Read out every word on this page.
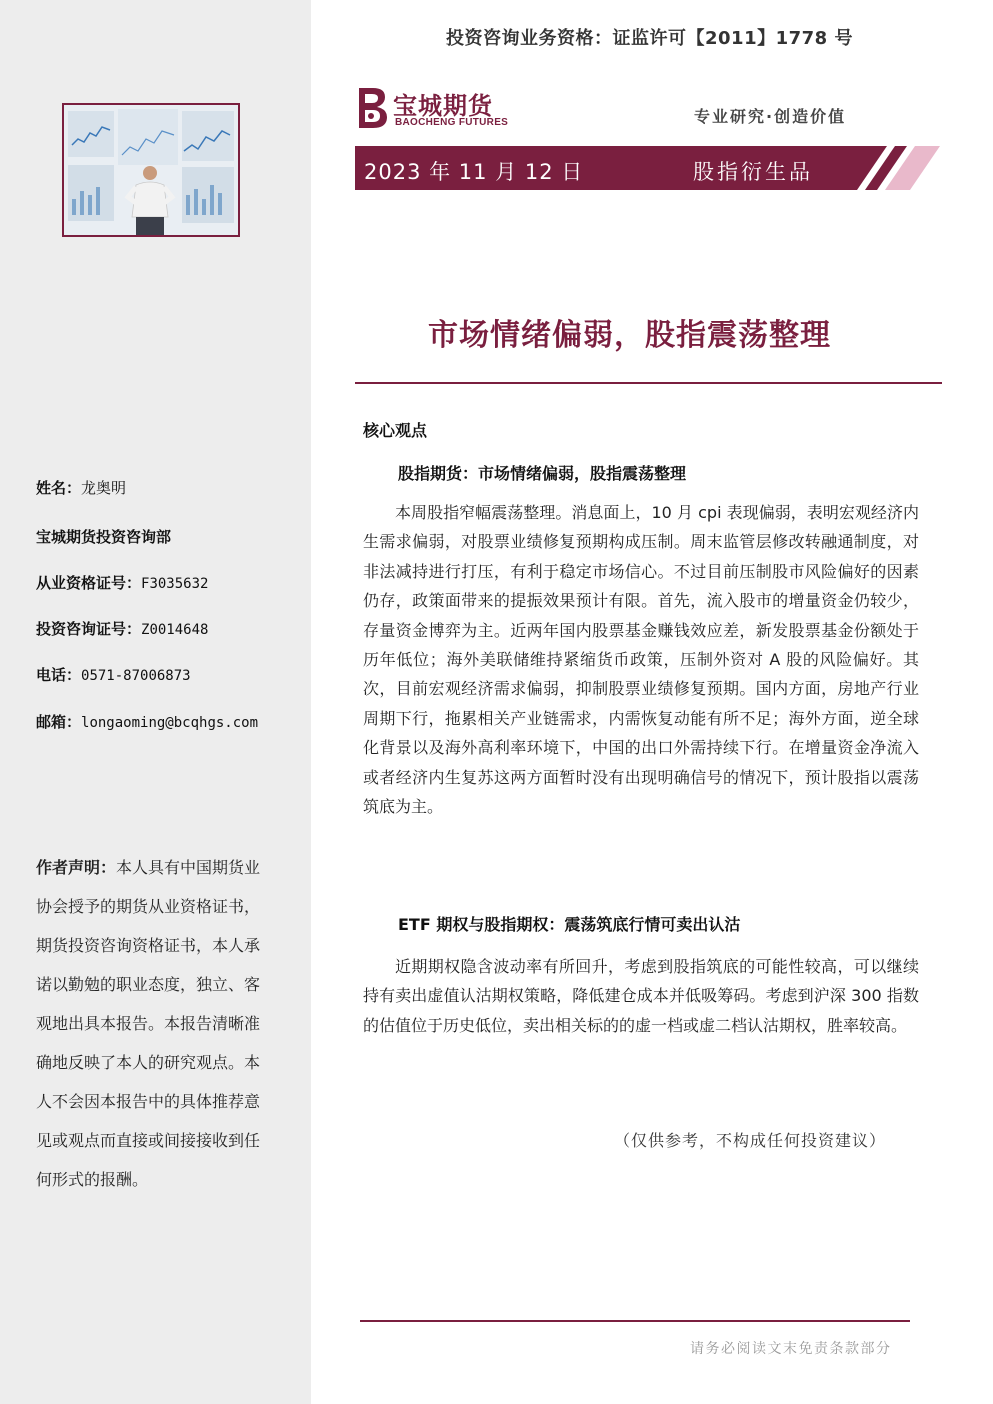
姓名：龙奥明
宝城期货投资咨询部
从业资格证号：F3035632
投资咨询证号：Z0014648
电话：0571-87006873
邮箱：longaoming@bcqhgs.com
作者声明：本人具有中国期货业协会授予的期货从业资格证书，期货投资咨询资格证书，本人承诺以勤勉的职业态度，独立、客观地出具本报告。本报告清晰准确地反映了本人的研究观点。本人不会因本报告中的具体推荐意见或观点而直接或间接接收到任何形式的报酬。
投资咨询业务资格：证监许可【2011】1778 号
宝城期货
BAOCHENG FUTURES	专业研究·创造价值
2023 年 11 月 12 日	股指衍生品
市场情绪偏弱，股指震荡整理
核心观点
股指期货：市场情绪偏弱，股指震荡整理
本周股指窄幅震荡整理。消息面上，10 月 cpi 表现偏弱，表明宏观经济内生需求偏弱，对股票业绩修复预期构成压制。周末监管层修改转融通制度，对非法减持进行打压，有利于稳定市场信心。不过目前压制股市风险偏好的因素仍存，政策面带来的提振效果预计有限。首先，流入股市的增量资金仍较少，存量资金博弈为主。近两年国内股票基金赚钱效应差，新发股票基金份额处于历年低位；海外美联储维持紧缩货币政策，压制外资对 A 股的风险偏好。其次，目前宏观经济需求偏弱，抑制股票业绩修复预期。国内方面，房地产行业周期下行，拖累相关产业链需求，内需恢复动能有所不足；海外方面，逆全球化背景以及海外高利率环境下，中国的出口外需持续下行。在增量资金净流入或者经济内生复苏这两方面暂时没有出现明确信号的情况下，预计股指以震荡筑底为主。
ETF 期权与股指期权：震荡筑底行情可卖出认沽
近期期权隐含波动率有所回升，考虑到股指筑底的可能性较高，可以继续持有卖出虚值认沽期权策略，降低建仓成本并低吸筹码。考虑到沪深 300 指数的估值位于历史低位，卖出相关标的的虚一档或虚二档认沽期权，胜率较高。
（仅供参考，不构成任何投资建议）
请务必阅读文末免责条款部分
